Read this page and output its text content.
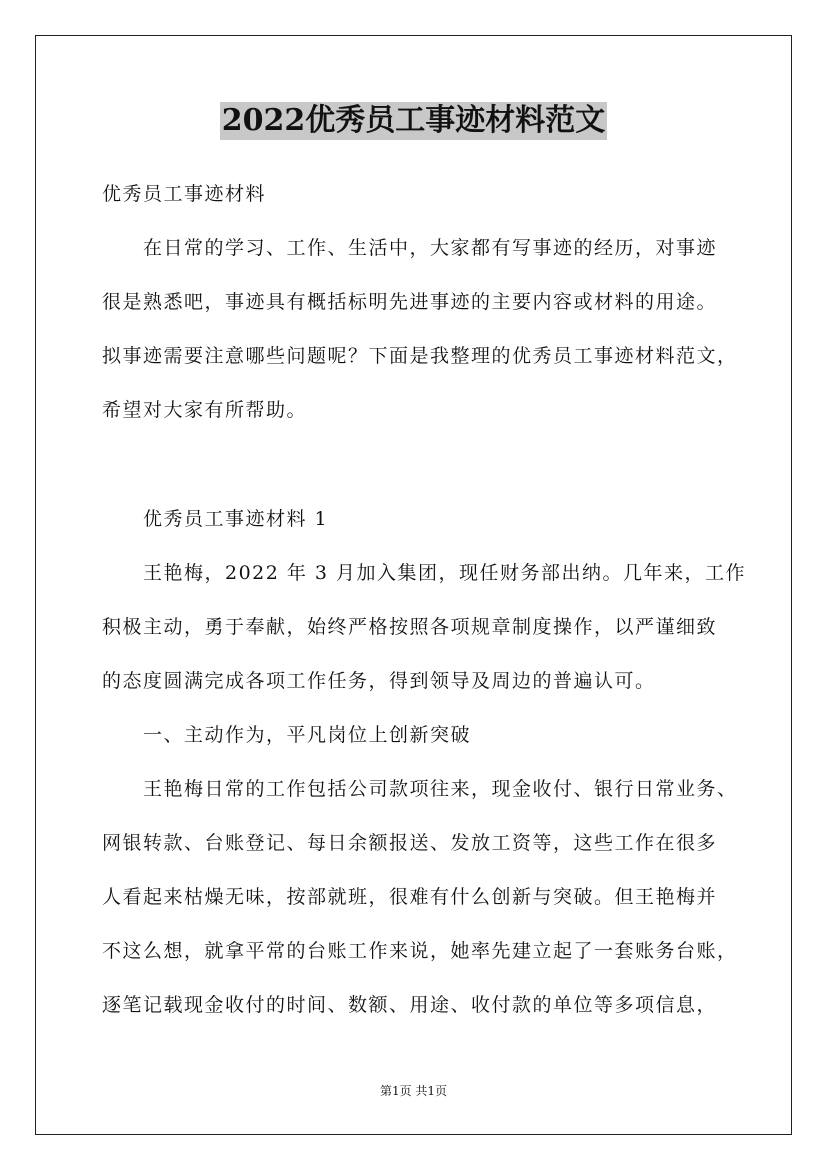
2022优秀员工事迹材料范文
优秀员工事迹材料
在日常的学习、工作、生活中，大家都有写事迹的经历，对事迹
很是熟悉吧，事迹具有概括标明先进事迹的主要内容或材料的用途。
拟事迹需要注意哪些问题呢？下面是我整理的优秀员工事迹材料范文，
希望对大家有所帮助。
优秀员工事迹材料 1
王艳梅，2022 年 3 月加入集团，现任财务部出纳。几年来，工作
积极主动，勇于奉献，始终严格按照各项规章制度操作，以严谨细致
的态度圆满完成各项工作任务，得到领导及周边的普遍认可。
一、主动作为，平凡岗位上创新突破
王艳梅日常的工作包括公司款项往来，现金收付、银行日常业务、
网银转款、台账登记、每日余额报送、发放工资等，这些工作在很多
人看起来枯燥无味，按部就班，很难有什么创新与突破。但王艳梅并
不这么想，就拿平常的台账工作来说，她率先建立起了一套账务台账，
逐笔记载现金收付的时间、数额、用途、收付款的单位等多项信息，
第1页 共1页
